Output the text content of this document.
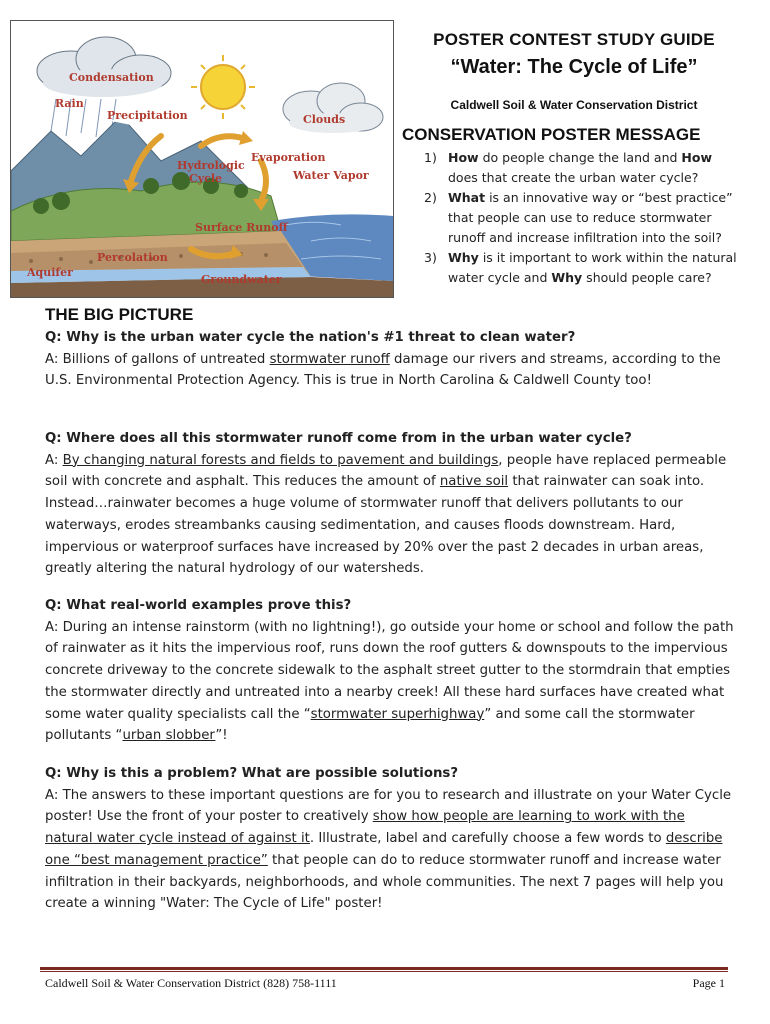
Condensation
Rain
Precipitation	Clouds
Hydrologic
Cycle
Evaporation
Water Vapor
Surface Runoff
Percolation
Aquifer
Groundwater
POSTER CONTEST STUDY GUIDE
“Water: The Cycle of Life”
Caldwell Soil & Water Conservation District
CONSERVATION POSTER MESSAGE
1) How do people change the land and How does that create the urban water cycle?
2) What is an innovative way or “best practice” that people can use to reduce stormwater runoff and increase infiltration into the soil?
3) Why is it important to work within the natural water cycle and Why should people care?
THE BIG PICTURE

Q: Why is the urban water cycle the nation's #1 threat to clean water?

A: Billions of gallons of untreated stormwater runoff damage our rivers and streams, according to the U.S. Environmental Protection Agency. This is true in North Carolina & Caldwell County too!

Q: Where does all this stormwater runoff come from in the urban water cycle?

A: By changing natural forests and fields to pavement and buildings, people have replaced permeable soil with concrete and asphalt. This reduces the amount of native soil that rainwater can soak into. Instead…rainwater becomes a huge volume of stormwater runoff that delivers pollutants to our waterways, erodes streambanks causing sedimentation, and causes floods downstream. Hard, impervious or waterproof surfaces have increased by 20% over the past 2 decades in urban areas, greatly altering the natural hydrology of our watersheds.

Q: What real-world examples prove this?

A: During an intense rainstorm (with no lightning!), go outside your home or school and follow the path of rainwater as it hits the impervious roof, runs down the roof gutters & downspouts to the impervious concrete driveway to the concrete sidewalk to the asphalt street gutter to the stormdrain that empties the stormwater directly and untreated into a nearby creek! All these hard surfaces have created what some water quality specialists call the “stormwater superhighway” and some call the stormwater pollutants “urban slobber”!

Q: Why is this a problem? What are possible solutions?

A: The answers to these important questions are for you to research and illustrate on your Water Cycle poster! Use the front of your poster to creatively show how people are learning to work with the natural water cycle instead of against it. Illustrate, label and carefully choose a few words to describe one “best management practice” that people can do to reduce stormwater runoff and increase water infiltration in their backyards, neighborhoods, and whole communities. The next 7 pages will help you create a winning "Water: The Cycle of Life" poster!

Caldwell Soil & Water Conservation District (828) 758-1111	Page 1
